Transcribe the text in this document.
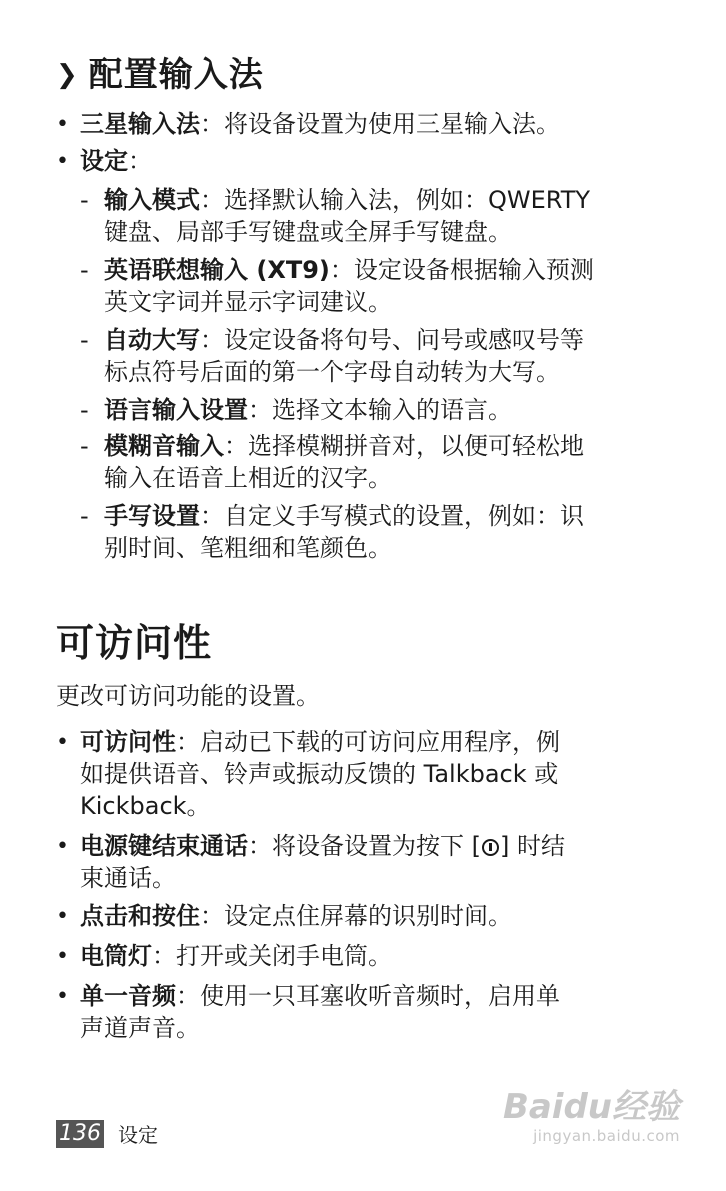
❯ 配置输入法
• 三星输入法：将设备设置为使用三星输入法。
• 设定：
- 输入模式：选择默认输入法，例如：QWERTY
键盘、局部手写键盘或全屏手写键盘。
- 英语联想输入 (XT9)：设定设备根据输入预测
英文字词并显示字词建议。
- 自动大写：设定设备将句号、问号或感叹号等
标点符号后面的第一个字母自动转为大写。
- 语言输入设置：选择文本输入的语言。
- 模糊音输入：选择模糊拼音对，以便可轻松地
输入在语音上相近的汉字。
- 手写设置：自定义手写模式的设置，例如：识
别时间、笔粗细和笔颜色。
可访问性
更改可访问功能的设置。
• 可访问性：启动已下载的可访问应用程序，例
如提供语音、铃声或振动反馈的 Talkback 或
Kickback。
• 电源键结束通话：将设备设置为按下 [ ] 时结
束通话。
• 点击和按住：设定点住屏幕的识别时间。
• 电筒灯：打开或关闭手电筒。
• 单一音频：使用一只耳塞收听音频时，启用单
声道声音。
136 设定
Baidu经验
jingyan.baidu.com
